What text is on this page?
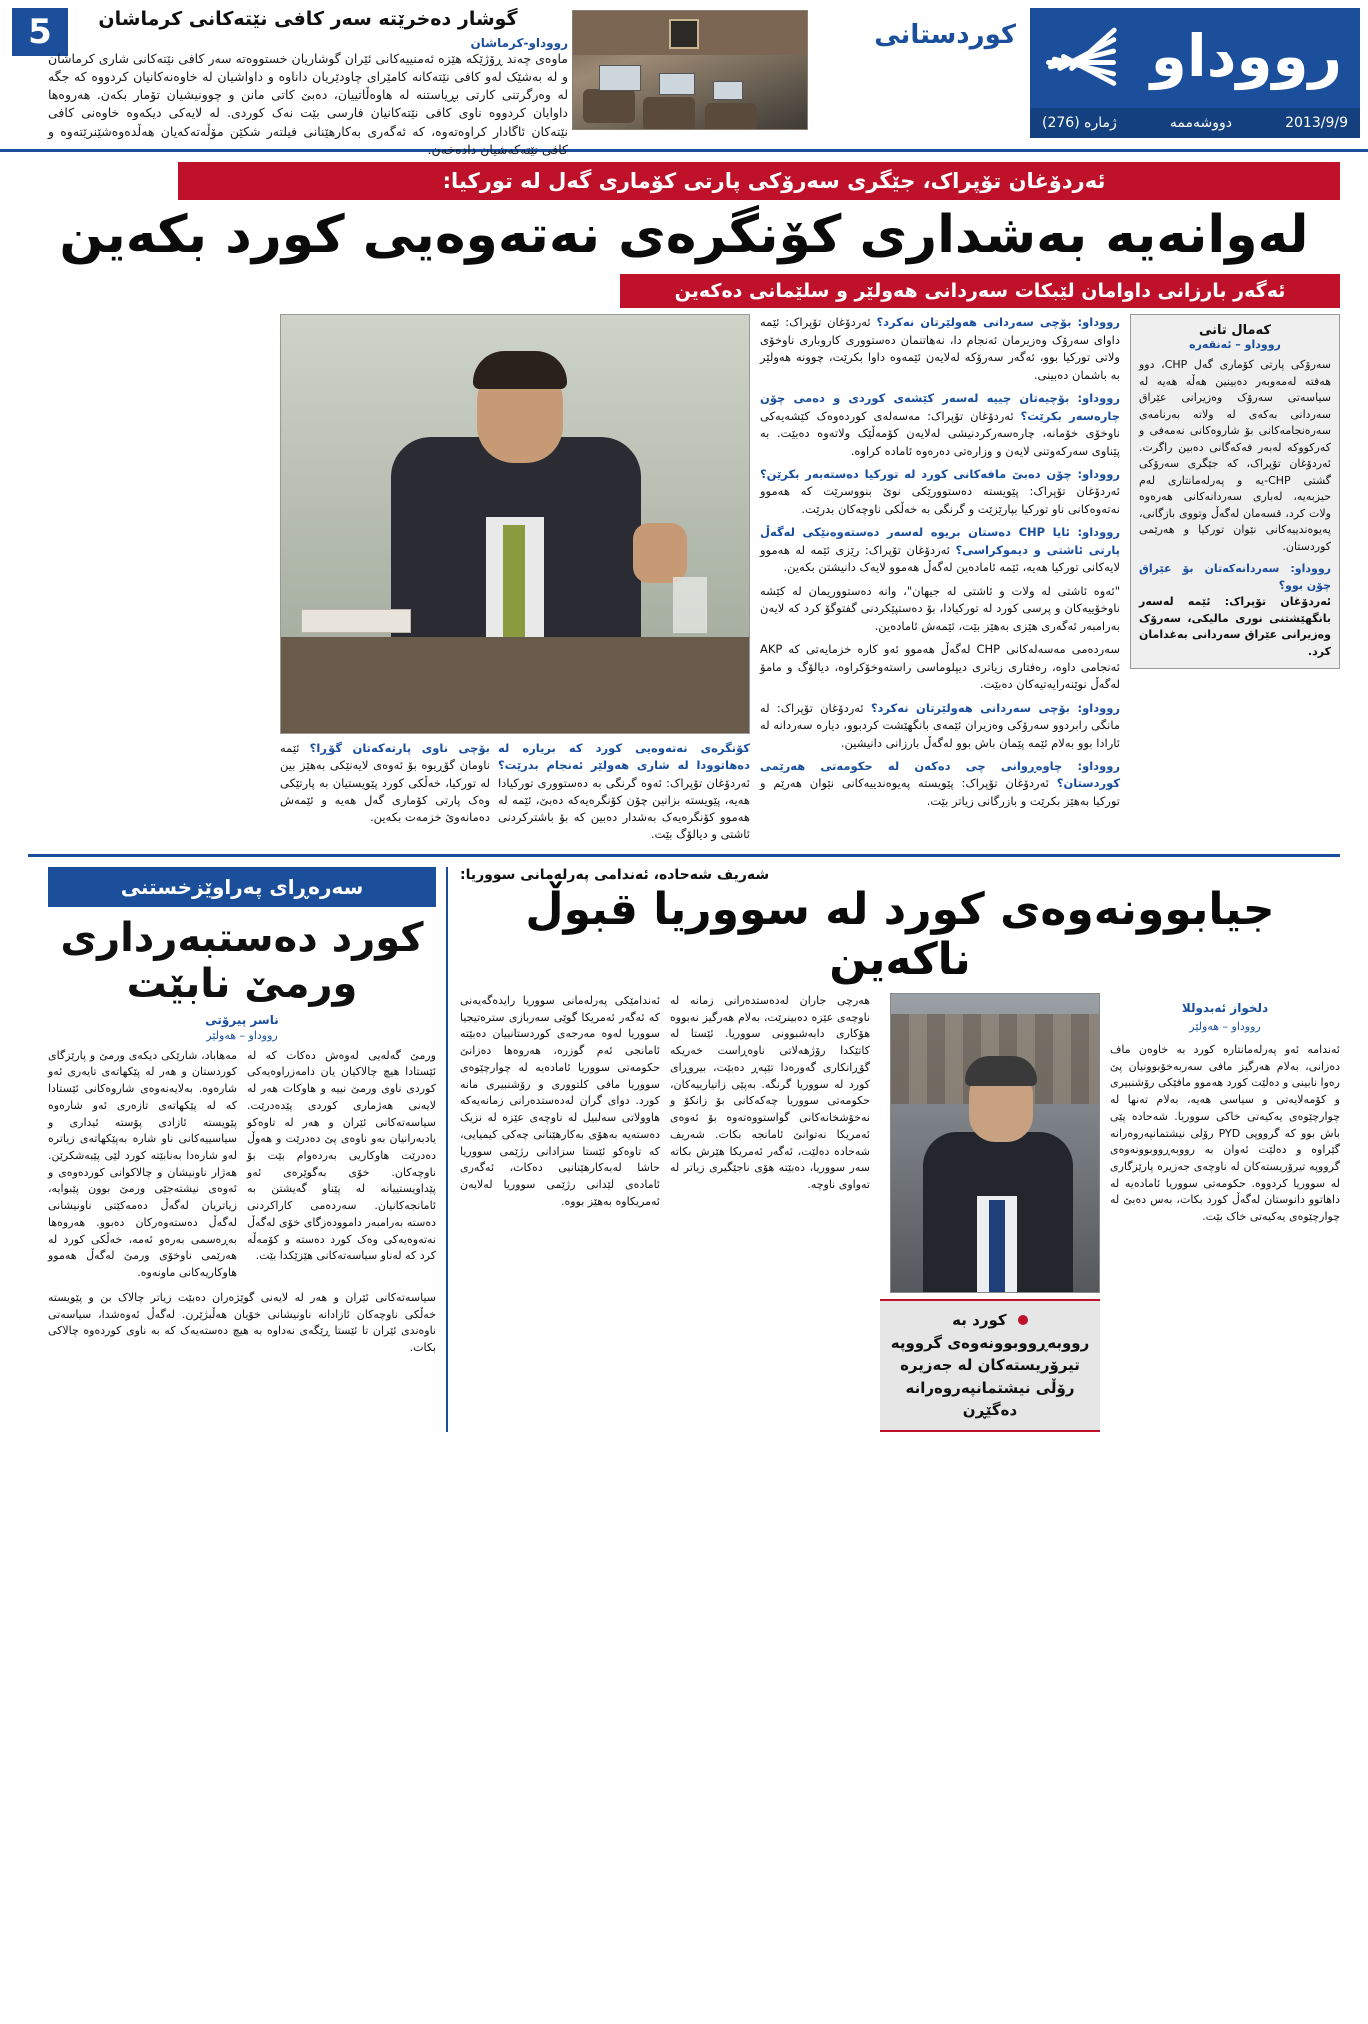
5	گوشار دەخرێتە سەر کافی نێتەکانی کرماشان
رووداو-کرماشان
ماوەی چەند ڕۆژێکە هێزە ئەمنییەکانی ئێران گوشاریان خستووەتە سەر کافی نێتەکانی شاری کرماشان و لە بەشێک لەو کافی نێتەکانە کامێرای چاودێریان داناوە و داواشیان لە خاوەنەکانیان کردووە کە جگە لە وەرگرتنی کارتی بڕیاستنە لە هاوەڵاتییان، دەبێ کاتی مانن و چوونیشیان تۆمار بکەن. هەروەها داوایان کردووە ناوی کافی نێتەکانیان فارسی بێت نەک کوردی. لە لایەکی دیکەوە خاوەنی کافی نێتەکان ئاگادار کراوەتەوە، کە ئەگەری بەکارهێنانی فیلتەر شکێن مۆڵەتەکەیان هەڵدەوەشێنرێتەوە و کافی نێتەکەشیان دادەخەن.
کوردستانی رووداو
2013/9/9
دووشەممە
ژمارە (276)
ئەردۆغان تۆپراک، جێگری سەرۆکی پارتی کۆماری گەل لە تورکیا:
لەوانەیە بەشداری کۆنگرەی نەتەوەیی کورد بکەین
ئەگەر بارزانی داوامان لێبکات سەردانی هەولێر و سلێمانی دەکەین
کەمال تانی
رووداو – ئەنقەرە
سەرۆکی پارتی کۆماری گەل CHP، دوو هەفتە لەمەوبەر دەبینین هەڵە هەیە لە سیاسەتی سەرۆک وەزیرانی عێراق سەردانی بەکەی لە ولاتە بەرنامەی سەرەنجامەکانی بۆ شاروەکانی نەمەفی و کەرکووکە لەبەر فەکەگانی دەبین راگرت. ئەردۆغان تۆپراک، کە جێگری سەرۆکی گشتی CHP-یە و پەرلەمانتاری لەم حیزبەیە، لەباری سەردانەکانی هەرەوە ولات کرد، قسەمان لەگەڵ وتووی بازگانی، پەیوەندییەکانی نێوان تورکیا و هەرێمی کوردستان.
رووداو: سەردانەکەتان بۆ عێراق چۆن بوو؟
ئەردۆغان تۆپراک: ئێمە لەسەر بانگهێشتنی نوری مالیکی، سەرۆک وەزیرانی عێراق سەردانی بەغدامان کرد.

رووداو: بۆچی سەردانی هەولێرتان نەکرد؟ ئەردۆغان تۆپراک: ئێمە داوای سەرۆک وەزیرمان ئەنجام دا، نەهاتنمان دەستووری کاروباری ناوخۆی ولاتی تورکیا بوو، ئەگەر سەرۆکە لەلایەن ئێمەوە داوا بکرێت، چوونە هەولێر بە باشمان دەبینی.

رووداو: بۆچیەتان چییە لەسەر کێشەی کوردی و دەمی چۆن چارەسەر بکرێت؟ ئەردۆغان تۆپراک: مەسەلەی کوردەوەک کێشەیەکی ناوخۆی خۆمانە، چارەسەرکردنیشی لەلایەن کۆمەڵێک ولاتەوە دەبێت. بە پێناوی سەرکەوتنی لایەن و وزارەتی دەرەوە ئامادە کراوە.

رووداو: چۆن دەبێ مافەکانی کورد لە تورکیا دەستەبەر بکرێن؟ ئەردۆغان تۆپراک: پێویستە دەستوورێکی نوێ بنووسرێت کە هەموو نەتەوەکانی ناو تورکیا بپارێزێت و گرنگی بە خەڵکی ناوچەکان بدرێت.

رووداو: ئایا CHP دەستان بریوە لەسەر دەستەوەنێکی لەگەڵ پارتی ئاشتی و دیموکراسی؟ ئەردۆغان تۆپراک: رێزی ئێمە لە هەموو لایەکانی تورکیا هەیە، ئێمە ئامادەین لەگەڵ هەموو لایەک دانیشتن بکەین.

"ئەوە ئاشتی لە ولات و ئاشتی لە جیهان"، وانە دەستووریمان لە کێشە ناوخۆییەکان و پرسی کورد لە تورکیادا، بۆ دەستپێکردنی گفتوگۆ کرد کە لایەن بەرامبەر ئەگەری هێزی بەهێز بێت، ئێمەش ئامادەین.

سەردەمی مەسەلەکانی CHP لەگەڵ هەموو ئەو کارە خزمایەتی کە AKP ئەنجامی داوە، رەفتاری زیاتری دیپلوماسی راستەوخۆکراوە، دیالۆگ و مامۆ لەگەڵ نوێنەرایەتیەکان دەبێت.

رووداو: بۆچی سەردانی هەولێرتان نەکرد؟ ئەردۆغان تۆپراک: لە مانگی رابردوو سەرۆکی وەزیران ئێمەی بانگهێشت کردبوو، دیارە سەردانە لە ئارادا بوو بەلام ئێمە پێمان باش بوو لەگەڵ بارزانی دانیشین.

رووداو: چاوەڕوانی چی دەکەن لە حکومەتی هەرێمی کوردستان؟ ئەردۆغان تۆپراک: پێویستە پەیوەندییەکانی نێوان هەرێم و تورکیا بەهێز بکرێت و بازرگانی زیاتر بێت.

کۆنگرەی نەتەوەیی کورد کە بریارە لە دەهاتوودا لە شاری هەولێر ئەنجام بدرێت؟ ئەردۆغان تۆپراک: ئەوە گرنگی بە دەستووری تورکیادا هەیە، پێویستە بزانین چۆن کۆنگرەیەکە دەبێ، ئێمە لە هەموو کۆنگرەیەک بەشدار دەبین کە بۆ باشترکردنی ئاشتی و دیالۆگ بێت.
بۆچی ناوی پارتەکەتان گۆڕا؟ ئێمە ناومان گۆڕیوە بۆ ئەوەی لایەنێکی بەهێز بین لە تورکیا، خەڵکی کورد پێویستیان بە پارتێکی وەک پارتی کۆماری گەل هەیە و ئێمەش دەمانەوێ خزمەت بکەین.
شەریف شەحادە، ئەندامی پەرلەمانی سووریا:
جیابوونەوەی کورد لە سووریا قبوڵ ناکەین
دلخواز ئەبدوللا
رووداو – هەولێر
ئەندامە ئەو پەرلەمانتارە کورد بە خاوەن ماف دەزانی، بەلام هەرگیز مافی سەربەخۆبوونیان پێ رەوا نابینی و دەلێت کورد هەموو مافێکی رۆشنبیری و کۆمەلایەتی و سیاسی هەیە، بەلام تەنها لە چوارچێوەی یەکیەتی خاکی سووریا. شەحادە پێی باش بوو کە گرووپی PYD رۆلی نیشتمانپەروەرانە گێراوە و دەلێت ئەوان بە رووبەڕووبوونەوەی گرووپە تیرۆریستەکان لە ناوچەی جەزیرە پارێزگاری لە سووریا کردووە. حکومەتی سووریا ئامادەیە لە داهاتوو دانوستان لەگەڵ کورد بکات، بەس دەبێ لە چوارچێوەی یەکیەتی خاک بێت.
کورد بە رووبەڕووبوونەوەی گرووپە تیرۆریستەکان لە جەزیرە رۆڵی نیشتمانپەروەرانە دەگێڕن
هەرچی جاران لەدەستدەرانی زمانە لە ناوچەی عێزە دەبینرێت، بەلام هەرگیز نەبووە هۆکاری دابەشبوونی سووریا. ئێستا لە کاتێکدا رۆژهەلاتی ناوەڕاست خەریکە گۆڕانکاری گەورەدا تێپەڕ دەبێت، بیروڕای کورد لە سووریا گرنگە. بەپێی زانیارییەکان، حکومەتی سووریا چەکەکانی بۆ زانکۆ و نەخۆشخانەکانی گواستووەتەوە بۆ ئەوەی ئەمریکا نەتوانێ ئامانجە بکات. شەریف شەحادە دەلێت، ئەگەر ئەمریکا هێرش بکاتە سەر سووریا، دەبێتە هۆی ناجێگیری زیاتر لە تەواوی ناوچە.
ئەندامێکی پەرلەمانی سووریا رایدەگەیەنی کە ئەگەر ئەمریکا گوێی سەربازی سترەتیجیا سووریا لەوە مەرجەی کوردستانییان دەبێتە ئامانجی ئەم گوزرە، هەروەها دەزانێ حکومەتی سووریا ئامادەیە لە چوارچێوەی سووریا مافی کلتووری و رۆشنبیری مانە کورد. دوای گران لەدەستدەرانی زمانەیەکە هاوولاتی سەلبیل لە ناوچەی عێزە لە نزیک دەستەیە بەهۆی بەکارهێنانی چەکی کیمیایی، کە تاوەکو ئێستا سزادانی رژێمی سووریا حاشا لەبەکارهێنانیی دەکات، ئەگەری ئامادەی لێدانی رژێمی سووریا لەلایەن ئەمریکاوە بەهێز بووە.
سەرەڕای پەراوێزخستنی
کورد دەستبەرداری ورمێ نابێت
ناسر پیرۆتی
رووداو – هەولێر
ورمێ گەلەیی لەوەش دەکات کە لە ئێستادا هیچ چالاکیان یان دامەزراوەیەکی کوردی ناوی ورمێ نییە و هاوکات هەر لە لایەنی هەژماری کوردی پێدەدرێت. سیاسەتەکانی ئێران و هەر لە تاوەکو یادبەرانیان بەو ناوەی پێ دەدرێت و هەوڵ دەدرێت هاوکاریی بەردەوام بێت بۆ ناوچەکان. خۆی بەگوێرەی ئەو پێداویستییانە لە پێناو گەیشتن بە ئامانجەکانیان. سەردەمی کاراکردنی دەستە بەرامبەر داموودەزگای خۆی لەگەڵ نەتەوەیەکی وەک کورد دەستە و کۆمەڵە کرد کە لەناو سیاسەتەکانی هێزێکدا بێت.
مەهاباد، شارێکی دیکەی ورمێ و پارێزگای کوردستان و هەر لە پێکهاتەی تایەری ئەو شارەوە. بەلایەنەوەی شاروەکانی ئێستادا کە لە پێکهاتەی تازەری ئەو شارەوە پێویستە ئازادی پۆستە ئیداری و سیاسییەکانی ناو شارە بەپێکهاتەی زیاترە لەو شارەدا بەنابێتە کورد لێی پێبەشکرێن. هەژار ناونیشان و چالاکوانی کوردەوەی و ئەوەی نیشتەجێی ورمێ بوون پێبوایە، زیاتریان لەگەڵ دەمەکێتی ناونیشانی لەگەڵ دەستەوەرکان دەبوو. هەروەها بەڕەسمی بەرەو ئەمە، خەڵکی کورد لە هەرێمی ناوخۆی ورمێ لەگەڵ هەموو هاوکاریەکانی ماونەوە.
سیاسەتەکانی ئێران و هەر لە لایەنی گوێژەران دەبێت زیاتر چالاک بن و پێویستە خەڵکی ناوچەکان ئازادانە ناونیشانی خۆیان هەڵبژێرن. لەگەڵ ئەوەشدا، سیاسەتی ناوەندی ئێران تا ئێستا ڕێگەی نەداوە بە هیچ دەستەیەک کە بە ناوی کوردەوە چالاکی بکات.
